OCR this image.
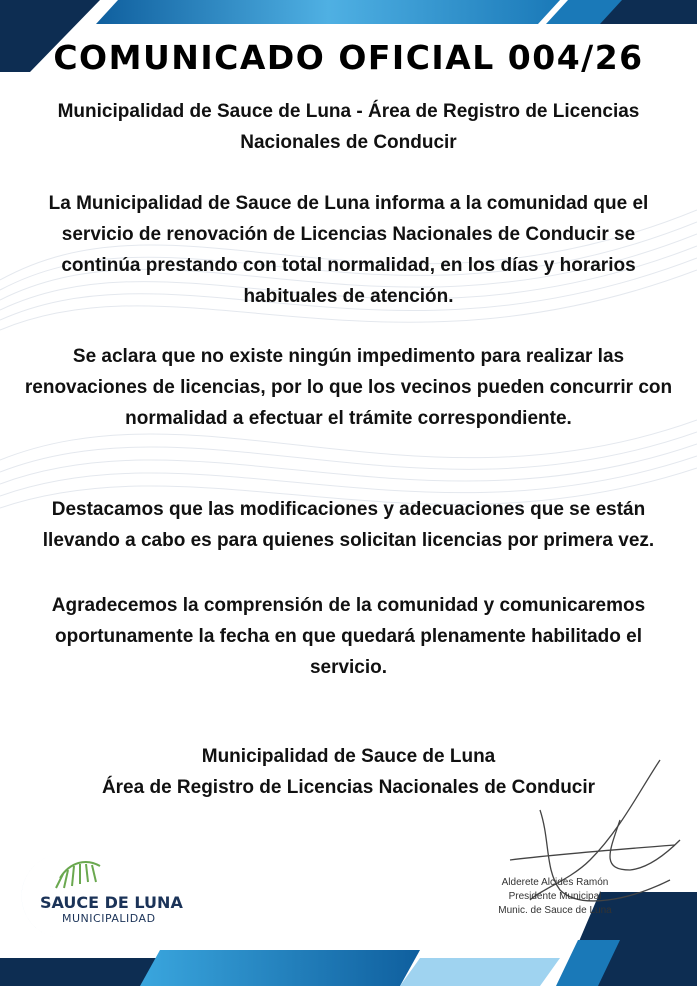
COMUNICADO OFICIAL 004/26
Municipalidad de Sauce de Luna - Área de Registro de Licencias Nacionales de Conducir
La Municipalidad de Sauce de Luna informa a la comunidad que el servicio de renovación de Licencias Nacionales de Conducir se continúa prestando con total normalidad, en los días y horarios habituales de atención.
Se aclara que no existe ningún impedimento para realizar las renovaciones de licencias, por lo que los vecinos pueden concurrir con normalidad a efectuar el trámite correspondiente.
Destacamos que las modificaciones y adecuaciones que se están llevando a cabo es para quienes solicitan licencias por primera vez.
Agradecemos la comprensión de la comunidad y comunicaremos oportunamente la fecha en que quedará plenamente habilitado el servicio.
Municipalidad de Sauce de Luna
Área de Registro de Licencias Nacionales de Conducir
SAUCE DE LUNA
MUNICIPALIDAD
Alderete Alcides Ramón
Presidente Municipal
Munic. de Sauce de Luna
